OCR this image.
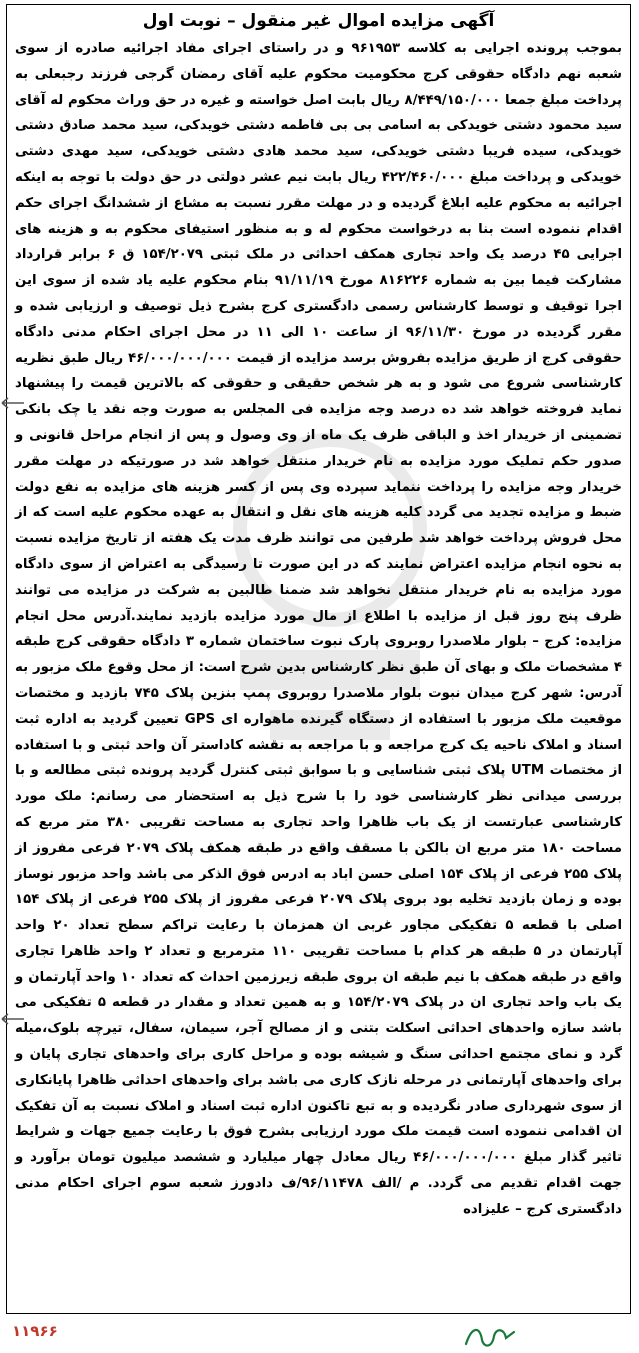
آگهی مزایده اموال غیر منقول – نوبت اول

بموجب پرونده اجرایی به کلاسه ۹۶۱۹۵۳ و در راستای اجرای مفاد اجرائیه صادره از سوی شعبه نهم دادگاه حقوقی کرج محکومیت محکوم علیه آقای رمضان گرجی فرزند رجبعلی به پرداخت مبلغ جمعا ۸/۴۴۹/۱۵۰/۰۰۰ ریال بابت اصل خواسته و غیره در حق وراث محکوم له آقای سید محمود دشتی خویدکی به اسامی بی بی فاطمه دشتی خویدکی، سید محمد صادق دشتی خویدکی، سیده فریبا دشتی خویدکی، سید محمد هادی دشتی خویدکی، سید مهدی دشتی خویدکی و پرداخت مبلغ ۴۲۲/۴۶۰/۰۰۰ ریال بابت نیم عشر دولتی در حق دولت با توجه به اینکه اجرائیه به محکوم علیه ابلاغ گردیده و در مهلت مقرر نسبت به مشاع از ششدانگ اجرای حکم اقدام ننموده است بنا به درخواست محکوم له و به منظور استیفای محکوم به و هزینه های اجرایی ۴۵ درصد یک واحد تجاری همکف احداثی در ملک ثبتی ۱۵۴/۲۰۷۹ ق ۶ برابر قرارداد مشارکت فیما بین به شماره ۸۱۶۲۲۶ مورخ ۹۱/۱۱/۱۹ بنام محکوم علیه یاد شده از سوی این اجرا توقیف و توسط کارشناس رسمی دادگستری کرج بشرح ذیل توصیف و ارزیابی شده و مقرر گردیده در مورخ ۹۶/۱۱/۳۰ از ساعت ۱۰ الی ۱۱ در محل اجرای احکام مدنی دادگاه حقوقی کرج از طریق مزایده بفروش برسد مزایده از قیمت ۴۶/۰۰۰/۰۰۰/۰۰۰ ریال طبق نظریه کارشناسی شروع می شود و به هر شخص حقیقی و حقوقی که بالاترین قیمت را پیشنهاد نماید فروخته خواهد شد ده درصد وجه مزایده فی المجلس به صورت وجه نقد یا چک بانکی تضمینی از خریدار اخذ و الباقی ظرف یک ماه از وی وصول و پس از انجام مراحل قانونی و صدور حکم تملیک مورد مزایده به نام خریدار منتقل خواهد شد در صورتیکه در مهلت مقرر خریدار وجه مزایده را پرداخت ننماید سپرده وی پس از کسر هزینه های مزایده به نفع دولت ضبط و مزایده تجدید می گردد کلیه هزینه های نقل و انتقال به عهده محکوم علیه است که از محل فروش پرداخت خواهد شد طرفین می توانند ظرف مدت یک هفته از تاریخ مزایده نسبت به نحوه انجام مزایده اعتراض نمایند که در این صورت تا رسیدگی به اعتراض از سوی دادگاه مورد مزایده به نام خریدار منتقل نخواهد شد ضمنا طالبین به شرکت در مزایده می توانند ظرف پنج روز قبل از مزایده با اطلاع از مال مورد مزایده بازدید نمایند.آدرس محل انجام مزایده: کرج – بلوار ملاصدرا روبروی پارک نبوت ساختمان شماره ۳ دادگاه حقوقی کرج طبقه ۴ مشخصات ملک و بهای آن طبق نظر کارشناس بدین شرح است: از محل وقوع ملک مزبور به آدرس: شهر کرج میدان نبوت بلوار ملاصدرا روبروی پمپ بنزین پلاک ۷۴۵ بازدید و مختصات موقعیت ملک مزبور با استفاده از دستگاه گیرنده ماهواره ای GPS تعیین گردید به اداره ثبت اسناد و املاک ناحیه یک کرج مراجعه و با مراجعه به نقشه کاداستر آن واحد ثبتی و با استفاده از مختصات UTM پلاک ثبتی شناسایی و با سوابق ثبتی کنترل گردید پرونده ثبتی مطالعه و با بررسی میدانی نظر کارشناسی خود را با شرح ذیل به استحضار می رسانم: ملک مورد کارشناسی عبارتست از یک باب ظاهرا واحد تجاری به مساحت تقریبی ۳۸۰ متر مربع که مساحت ۱۸۰ متر مربع ان بالکن با مسقف واقع در طبقه همکف پلاک ۲۰۷۹ فرعی مفروز از پلاک ۲۵۵ فرعی از پلاک ۱۵۴ اصلی حسن اباد به ادرس فوق الذکر می باشد واحد مزبور نوساز بوده و زمان بازدید تخلیه بود بروی پلاک ۲۰۷۹ فرعی مفروز از پلاک ۲۵۵ فرعی از پلاک ۱۵۴ اصلی با قطعه ۵ تفکیکی مجاور غربی ان همزمان با رعایت تراکم سطح تعداد ۲۰ واحد آپارتمان در ۵ طبقه هر کدام با مساحت تقریبی ۱۱۰ مترمربع و تعداد ۲ واحد ظاهرا تجاری واقع در طبقه همکف با نیم طبقه ان بروی طبقه زیرزمین احداث که تعداد ۱۰ واحد آپارتمان و یک باب واحد تجاری ان در پلاک ۱۵۴/۲۰۷۹ و به همین تعداد و مقدار در قطعه ۵ تفکیکی می باشد سازه واحدهای احداثی اسکلت بتنی و از مصالح آجر، سیمان، سفال، تیرچه بلوک،میله گرد و نمای مجتمع احداثی سنگ و شیشه بوده و مراحل کاری برای واحدهای تجاری پایان و برای واحدهای آپارتمانی در مرحله نازک کاری می باشد برای واحدهای احداثی ظاهرا پایانکاری از سوی شهرداری صادر نگردیده و به تبع تاکنون اداره ثبت اسناد و املاک نسبت به آن تفکیک ان اقدامی ننموده است قیمت ملک مورد ارزیابی بشرح فوق با رعایت جمیع جهات و شرایط تاثیر گذار مبلغ ۴۶/۰۰۰/۰۰۰/۰۰۰ ریال معادل چهار میلیارد و ششصد میلیون تومان برآورد و جهت اقدام تقدیم می گردد. م /الف ۹۶/۱۱۴۷۸/ف دادورز شعبه سوم اجرای احکام مدنی دادگستری کرج – علیزاده

۱۱۹۶۶
